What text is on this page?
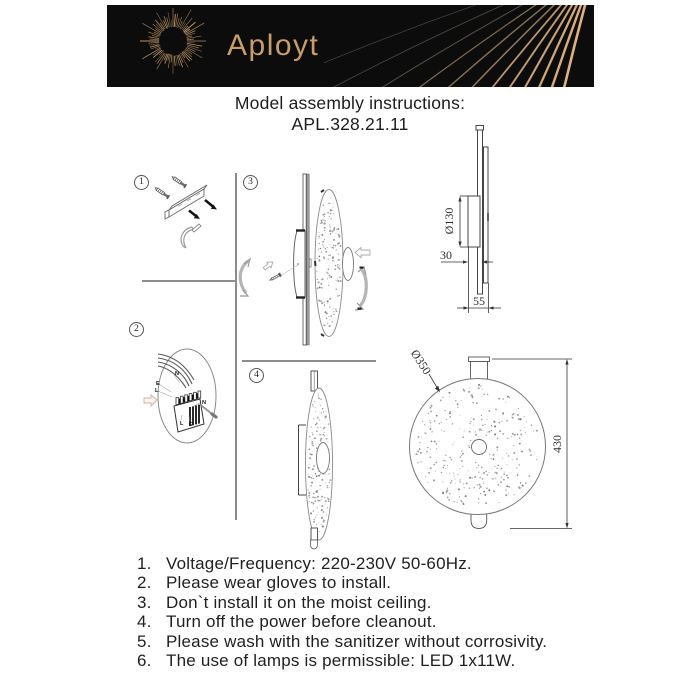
Aployt
Model assembly instructions:
APL.328.21.11
1
2
3
4
N
E
L
N
L E
Ø130
30
55
Ø350
430
1. Voltage/Frequency: 220-230V 50-60Hz.
2. Please wear gloves to install.
3. Don`t install it on the moist ceiling.
4. Turn off the power before cleanout.
5. Please wash with the sanitizer without corrosivity.
6. The use of lamps is permissible: LED 1x11W.
